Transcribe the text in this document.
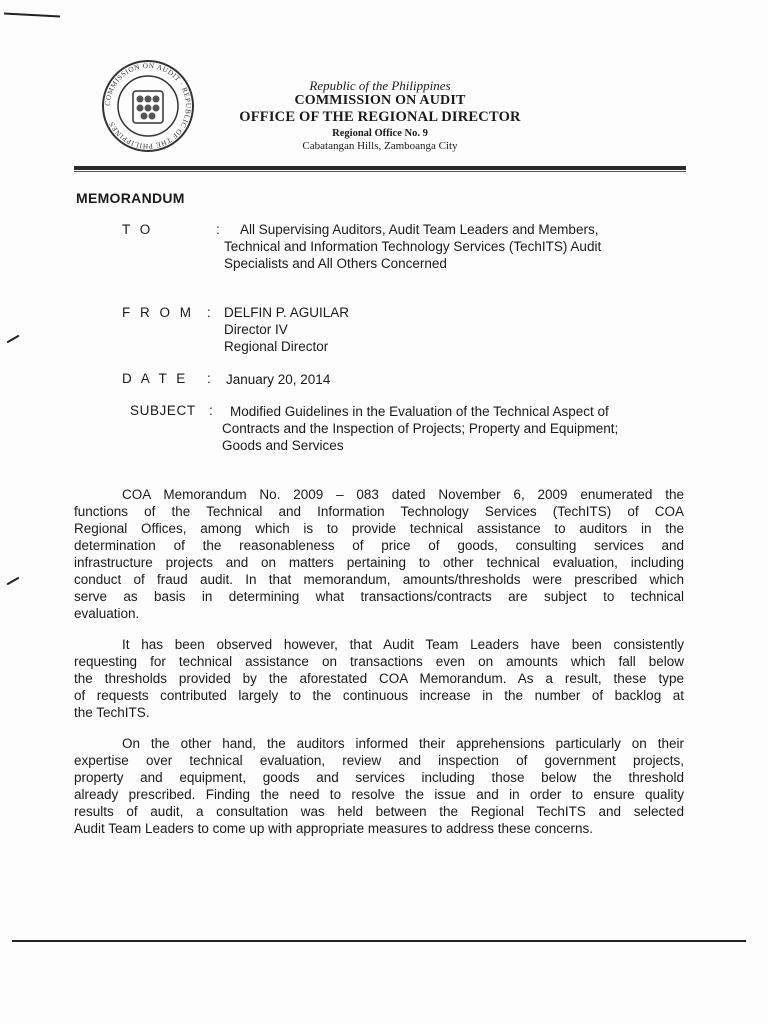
COMMISSION ON AUDIT · REPUBLIC OF THE PHILIPPINES
Republic of the Philippines
COMMISSION ON AUDIT
OFFICE OF THE REGIONAL DIRECTOR
Regional Office No. 9
Cabatangan Hills, Zamboanga City
MEMORANDUM
T O	:	All Supervising Auditors, Audit Team Leaders and Members,
Technical and Information Technology Services (TechITS) Audit
Specialists and All Others Concerned
F R O M : DELFIN P. AGUILAR
Director IV
Regional Director
D A T E : January 20, 2014
SUBJECT :	Modified Guidelines in the Evaluation of the Technical Aspect of
Contracts and the Inspection of Projects; Property and Equipment;
Goods and Services
COA Memorandum No. 2009 – 083 dated November 6, 2009 enumerated the
functions of the Technical and Information Technology Services (TechITS) of COA
Regional Offices, among which is to provide technical assistance to auditors in the
determination of the reasonableness of price of goods, consulting services and
infrastructure projects and on matters pertaining to other technical evaluation, including
conduct of fraud audit. In that memorandum, amounts/thresholds were prescribed which
serve as basis in determining what transactions/contracts are subject to technical
evaluation.
It has been observed however, that Audit Team Leaders have been consistently
requesting for technical assistance on transactions even on amounts which fall below
the thresholds provided by the aforestated COA Memorandum. As a result, these type
of requests contributed largely to the continuous increase in the number of backlog at
the TechITS.
On the other hand, the auditors informed their apprehensions particularly on their
expertise over technical evaluation, review and inspection of government projects,
property and equipment, goods and services including those below the threshold
already prescribed. Finding the need to resolve the issue and in order to ensure quality
results of audit, a consultation was held between the Regional TechITS and selected
Audit Team Leaders to come up with appropriate measures to address these concerns.
